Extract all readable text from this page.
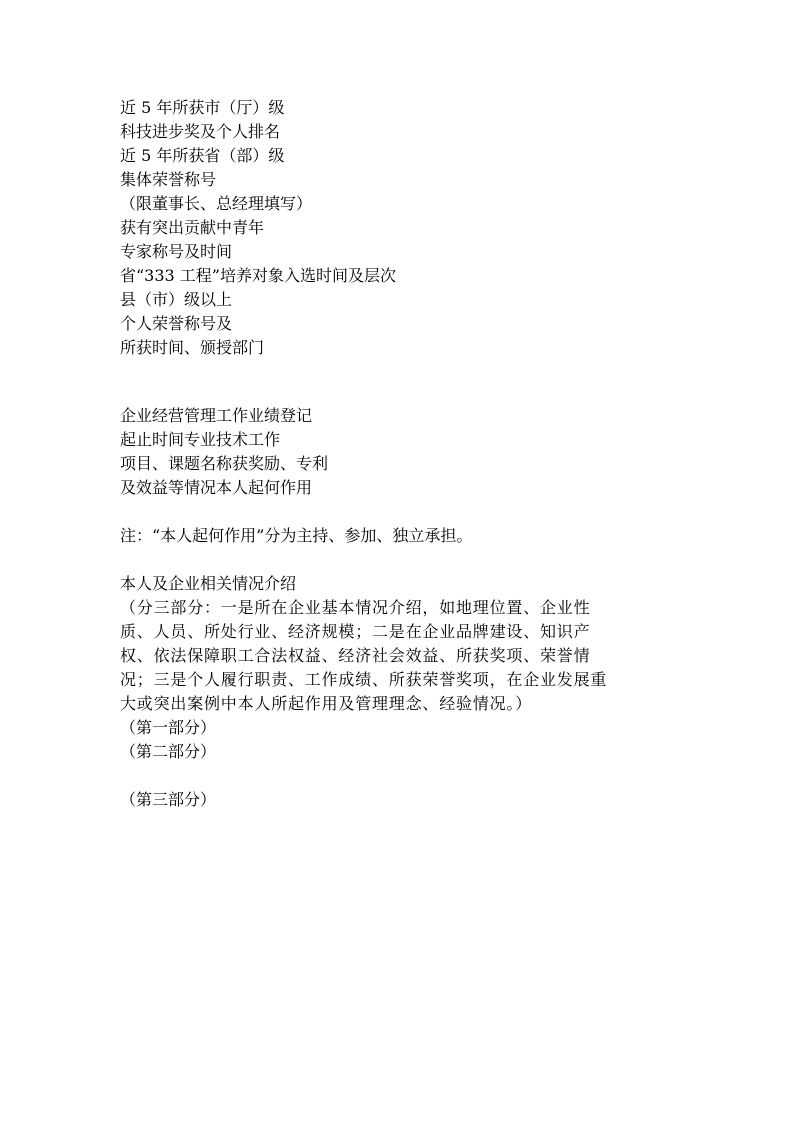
近 5 年所获市（厅）级
科技进步奖及个人排名
近 5 年所获省（部）级
集体荣誉称号
（限董事长、总经理填写）
获有突出贡献中青年
专家称号及时间
省“333 工程”培养对象入选时间及层次
县（市）级以上
个人荣誉称号及
所获时间、颁授部门
企业经营管理工作业绩登记
起止时间专业技术工作
项目、课题名称获奖励、专利
及效益等情况本人起何作用
注：“本人起何作用”分为主持、参加、独立承担。
本人及企业相关情况介绍
（分三部分：一是所在企业基本情况介绍，如地理位置、企业性
质、人员、所处行业、经济规模；二是在企业品牌建设、知识产
权、依法保障职工合法权益、经济社会效益、所获奖项、荣誉情
况；三是个人履行职责、工作成绩、所获荣誉奖项，在企业发展重
大或突出案例中本人所起作用及管理理念、经验情况。）
（第一部分）
（第二部分）
（第三部分）
